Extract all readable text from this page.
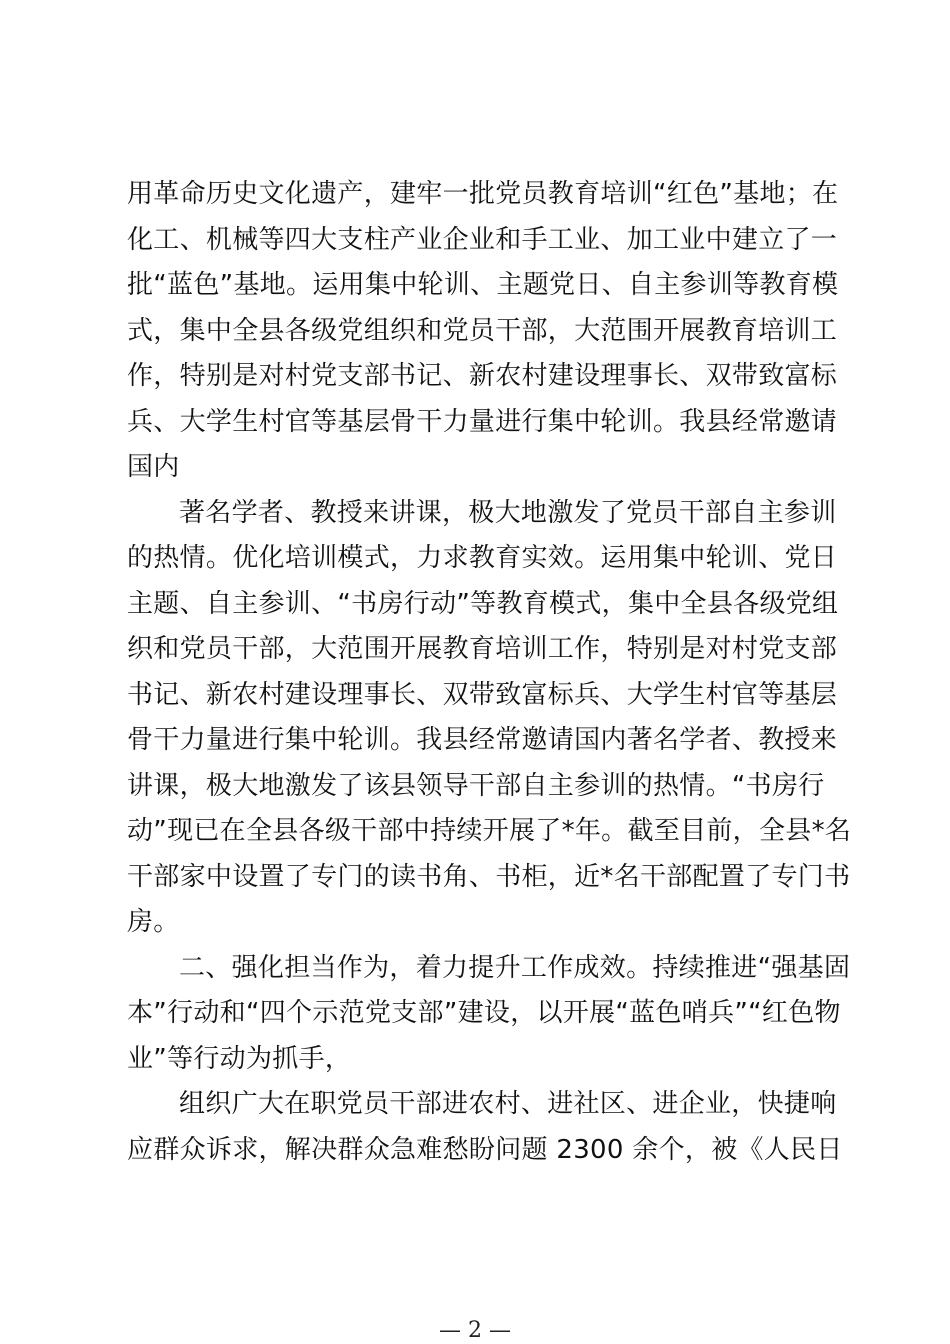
用革命历史文化遗产，建牢一批党员教育培训“红色”基地；在
化工、机械等四大支柱产业企业和手工业、加工业中建立了一
批“蓝色”基地。运用集中轮训、主题党日、自主参训等教育模
式，集中全县各级党组织和党员干部，大范围开展教育培训工
作，特别是对村党支部书记、新农村建设理事长、双带致富标
兵、大学生村官等基层骨干力量进行集中轮训。我县经常邀请
国内
著名学者、教授来讲课，极大地激发了党员干部自主参训
的热情。优化培训模式，力求教育实效。运用集中轮训、党日
主题、自主参训、“书房行动”等教育模式，集中全县各级党组
织和党员干部，大范围开展教育培训工作，特别是对村党支部
书记、新农村建设理事长、双带致富标兵、大学生村官等基层
骨干力量进行集中轮训。我县经常邀请国内著名学者、教授来
讲课，极大地激发了该县领导干部自主参训的热情。“书房行
动”现已在全县各级干部中持续开展了*年。截至目前，全县*名
干部家中设置了专门的读书角、书柜，近*名干部配置了专门书
房。
二、强化担当作为，着力提升工作成效。持续推进“强基固
本”行动和“四个示范党支部”建设，以开展“蓝色哨兵”“红色物
业”等行动为抓手，
组织广大在职党员干部进农村、进社区、进企业，快捷响
应群众诉求，解决群众急难愁盼问题 2300 余个，被《人民日
— 2 —
